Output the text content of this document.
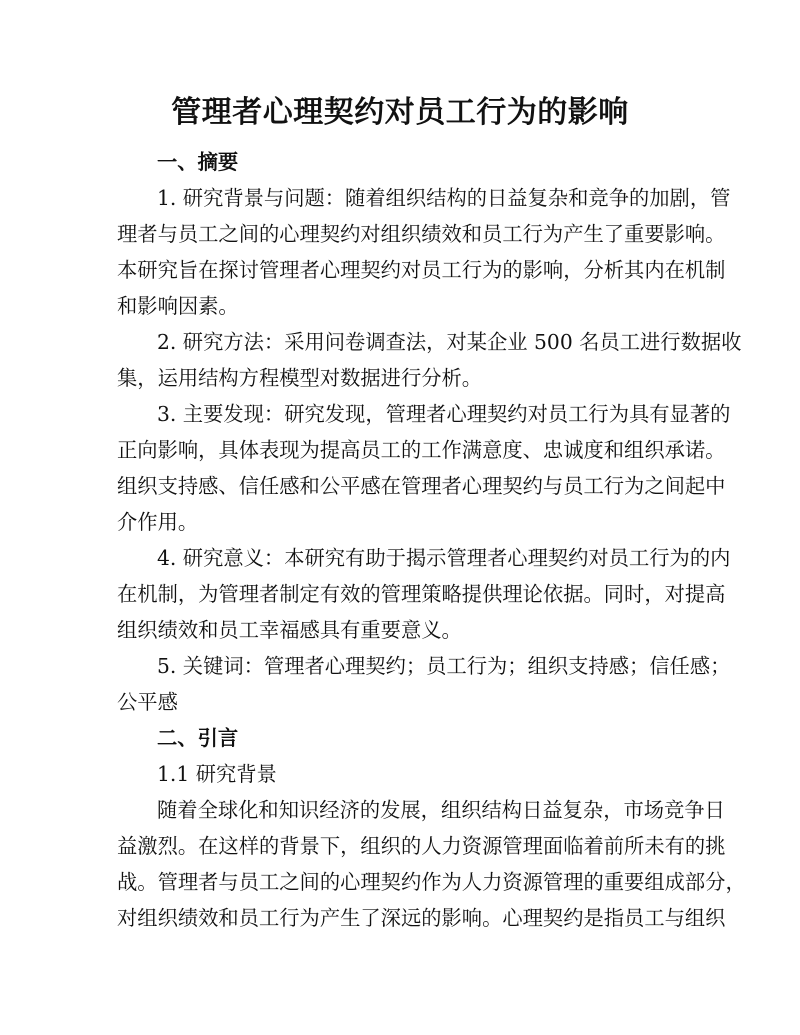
管理者心理契约对员工行为的影响
一、摘要
1. 研究背景与问题：随着组织结构的日益复杂和竞争的加剧，管
理者与员工之间的心理契约对组织绩效和员工行为产生了重要影响。
本研究旨在探讨管理者心理契约对员工行为的影响，分析其内在机制
和影响因素。
2. 研究方法：采用问卷调查法，对某企业 500 名员工进行数据收
集，运用结构方程模型对数据进行分析。
3. 主要发现：研究发现，管理者心理契约对员工行为具有显著的
正向影响，具体表现为提高员工的工作满意度、忠诚度和组织承诺。
组织支持感、信任感和公平感在管理者心理契约与员工行为之间起中
介作用。
4. 研究意义：本研究有助于揭示管理者心理契约对员工行为的内
在机制，为管理者制定有效的管理策略提供理论依据。同时，对提高
组织绩效和员工幸福感具有重要意义。
5. 关键词：管理者心理契约；员工行为；组织支持感；信任感；
公平感
二、引言
1.1 研究背景
随着全球化和知识经济的发展，组织结构日益复杂，市场竞争日
益激烈。在这样的背景下，组织的人力资源管理面临着前所未有的挑
战。管理者与员工之间的心理契约作为人力资源管理的重要组成部分，
对组织绩效和员工行为产生了深远的影响。心理契约是指员工与组织
